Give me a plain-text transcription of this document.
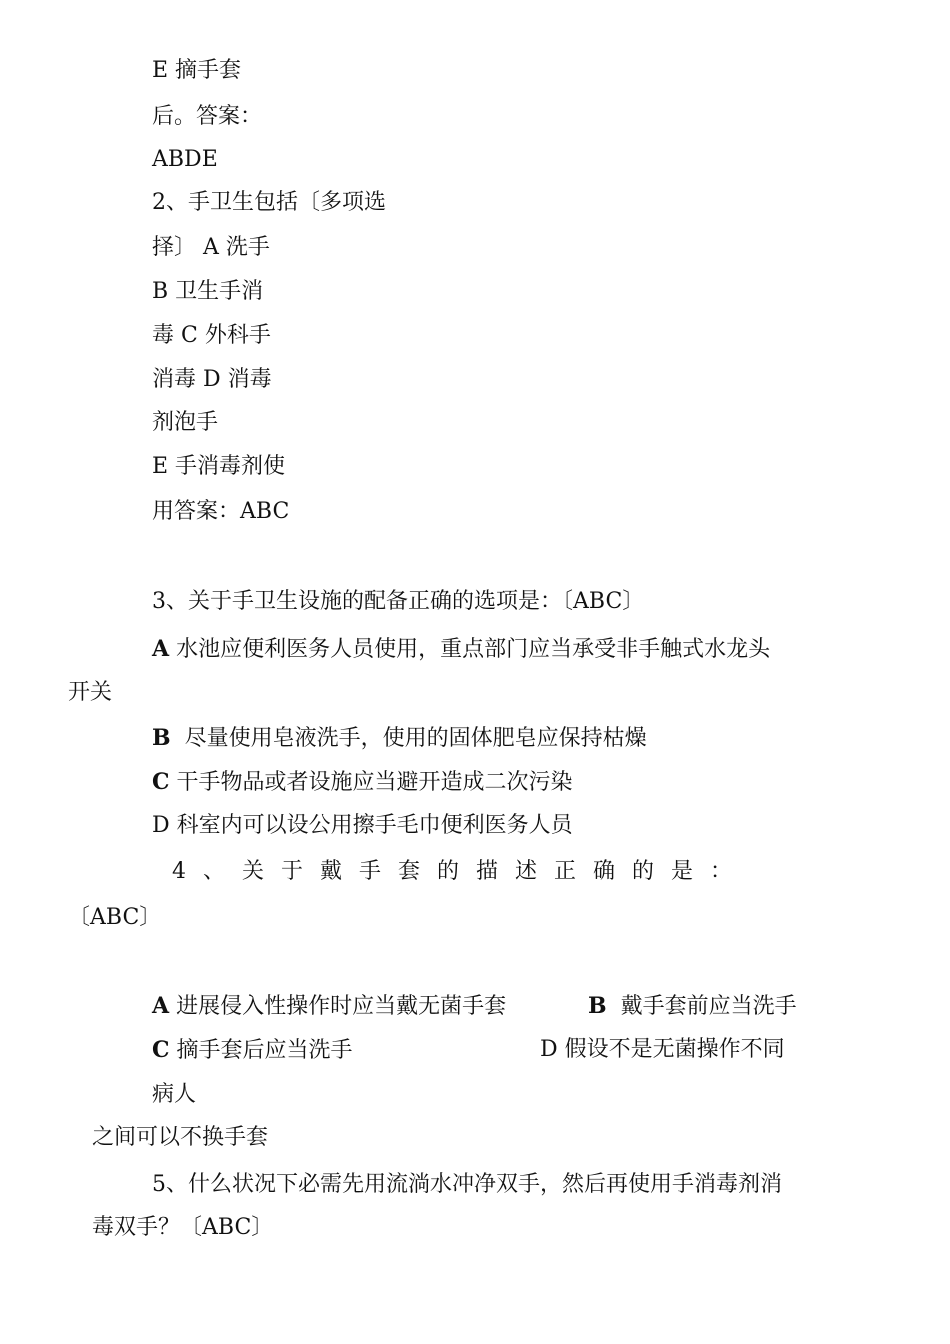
E 摘手套
后。答案：
ABDE
2、手卫生包括〔多项选
择〕 A 洗手
B 卫生手消
毒 C 外科手
消毒 D 消毒
剂泡手
E 手消毒剂使
用答案：ABC
3、关于手卫生设施的配备正确的选项是：〔ABC〕
A 水池应便利医务人员使用，重点部门应当承受非手触式水龙头
开关
B 尽量使用皂液洗手，使用的固体肥皂应保持枯燥
C 干手物品或者设施应当避开造成二次污染
D 科室内可以设公用擦手毛巾便利医务人员
4、关于戴手套的描述正确的是：
〔ABC〕
A 进展侵入性操作时应当戴无菌手套	B 戴手套前应当洗手
C 摘手套后应当洗手	D 假设不是无菌操作不同
病人
之间可以不换手套
5、什么状况下必需先用流淌水冲净双手，然后再使用手消毒剂消
毒双手？〔ABC〕
